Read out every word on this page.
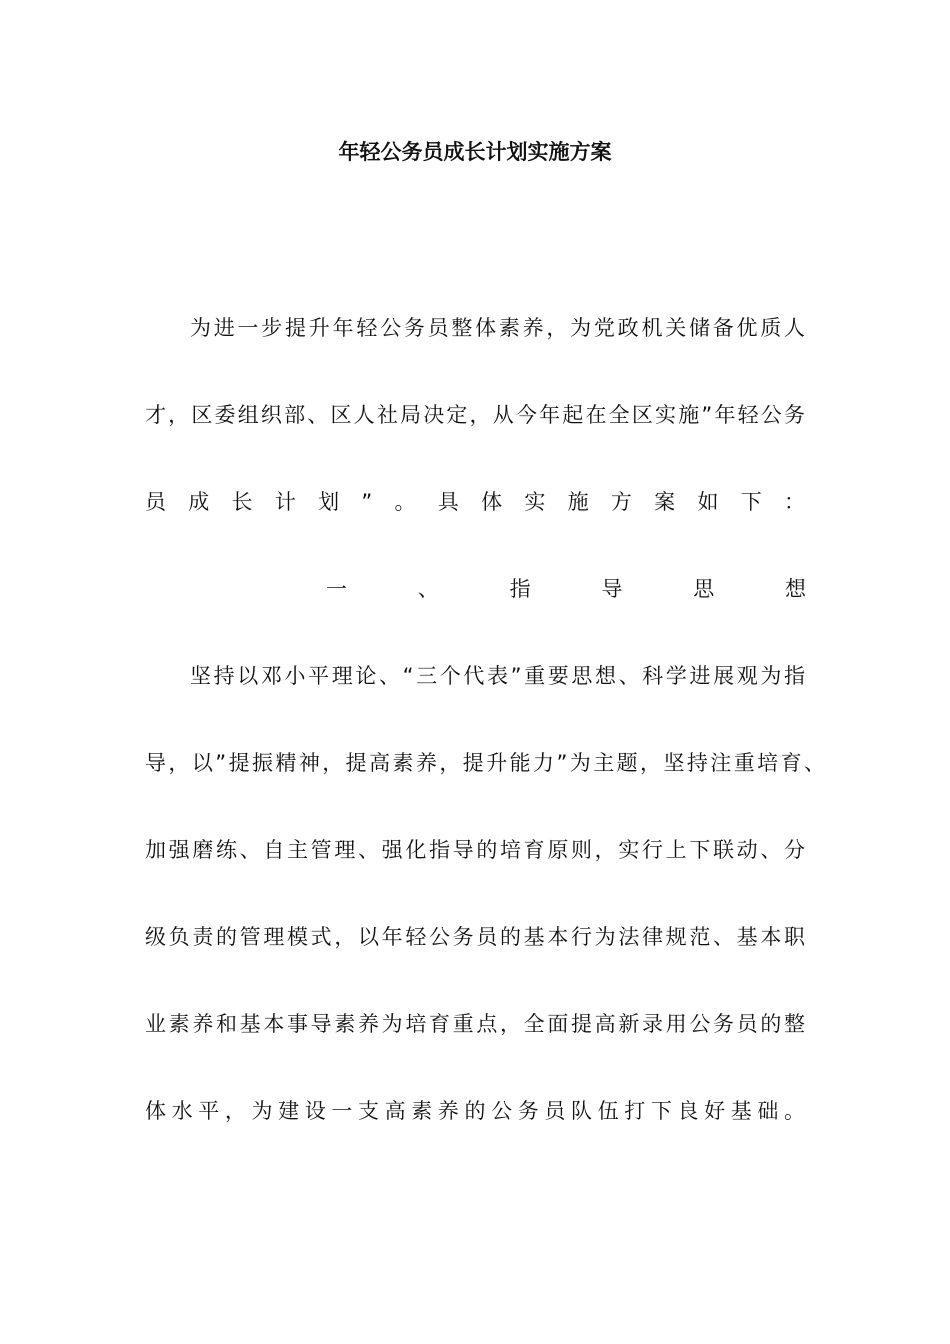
年轻公务员成长计划实施方案
为进一步提升年轻公务员整体素养，为党政机关储备优质人
才，区委组织部、区人社局决定，从今年起在全区实施”年轻公务
员成长计划”。具体实施方案如下：
一、指导思想
坚持以邓小平理论、“三个代表”重要思想、科学进展观为指
导，以”提振精神，提高素养，提升能力”为主题，坚持注重培育、
加强磨练、自主管理、强化指导的培育原则，实行上下联动、分
级负责的管理模式，以年轻公务员的基本行为法律规范、基本职
业素养和基本事导素养为培育重点，全面提高新录用公务员的整
体水平，为建设一支高素养的公务员队伍打下良好基础。
